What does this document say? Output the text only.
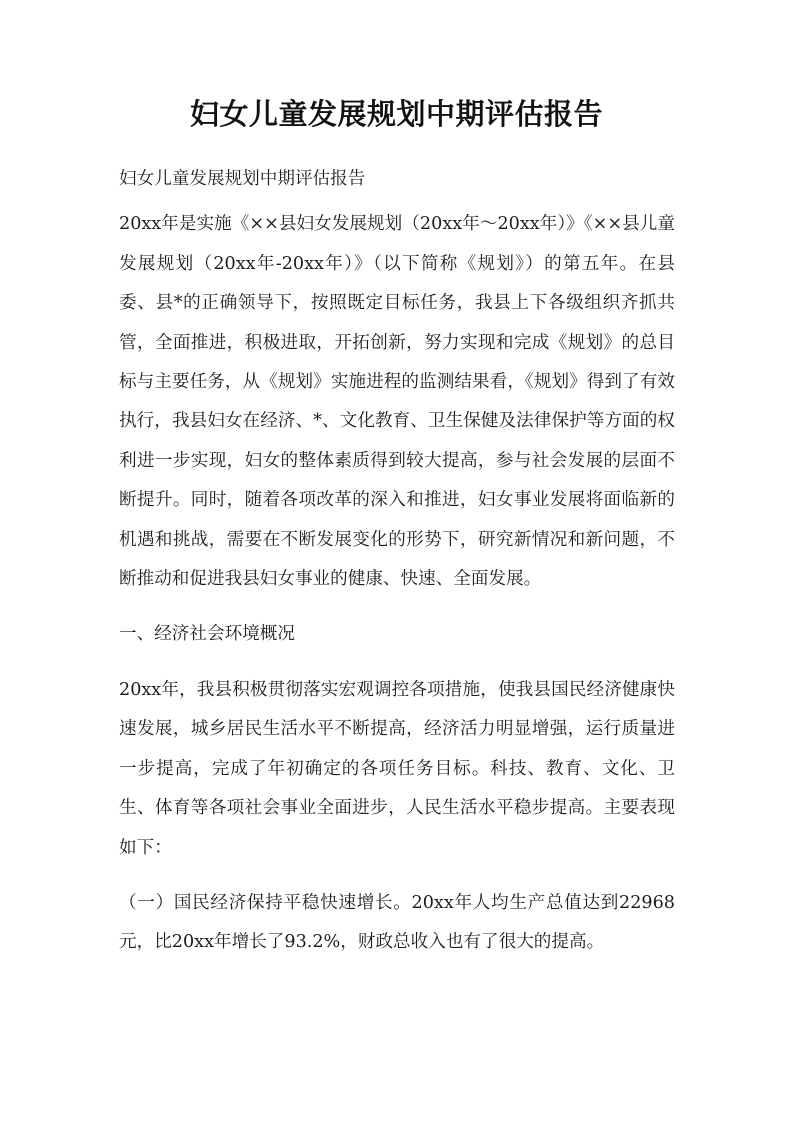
妇女儿童发展规划中期评估报告

妇女儿童发展规划中期评估报告

20xx年是实施《××县妇女发展规划（20xx年～20xx年）》《××县儿童发展规划（20xx年-20xx年）》（以下简称《规划》）的第五年。在县委、县*的正确领导下，按照既定目标任务，我县上下各级组织齐抓共管，全面推进，积极进取，开拓创新，努力实现和完成《规划》的总目标与主要任务，从《规划》实施进程的监测结果看，《规划》得到了有效执行，我县妇女在经济、*、文化教育、卫生保健及法律保护等方面的权利进一步实现，妇女的整体素质得到较大提高，参与社会发展的层面不断提升。同时，随着各项改革的深入和推进，妇女事业发展将面临新的机遇和挑战，需要在不断发展变化的形势下，研究新情况和新问题，不断推动和促进我县妇女事业的健康、快速、全面发展。

一、经济社会环境概况

20xx年，我县积极贯彻落实宏观调控各项措施，使我县国民经济健康快速发展，城乡居民生活水平不断提高，经济活力明显增强，运行质量进一步提高，完成了年初确定的各项任务目标。科技、教育、文化、卫生、体育等各项社会事业全面进步，人民生活水平稳步提高。主要表现如下：

（一）国民经济保持平稳快速增长。20xx年人均生产总值达到22968元，比20xx年增长了93.2%，财政总收入也有了很大的提高。
